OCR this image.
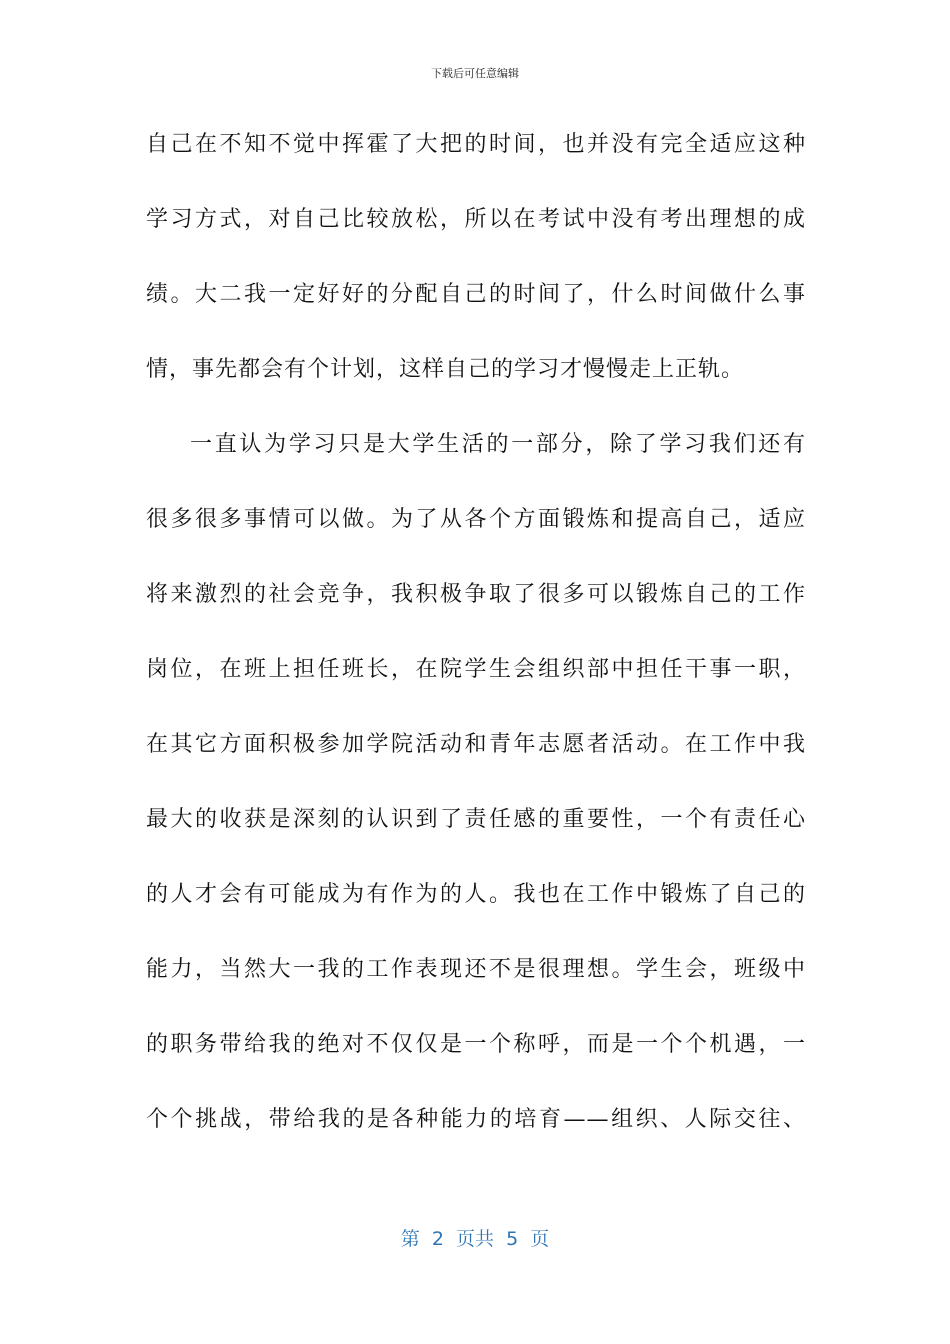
下载后可任意编辑
自己在不知不觉中挥霍了大把的时间，也并没有完全适应这种
学习方式，对自己比较放松，所以在考试中没有考出理想的成
绩。大二我一定好好的分配自己的时间了，什么时间做什么事
情，事先都会有个计划，这样自己的学习才慢慢走上正轨。
一直认为学习只是大学生活的一部分，除了学习我们还有
很多很多事情可以做。为了从各个方面锻炼和提高自己，适应
将来激烈的社会竞争，我积极争取了很多可以锻炼自己的工作
岗位，在班上担任班长，在院学生会组织部中担任干事一职，
在其它方面积极参加学院活动和青年志愿者活动。在工作中我
最大的收获是深刻的认识到了责任感的重要性，一个有责任心
的人才会有可能成为有作为的人。我也在工作中锻炼了自己的
能力，当然大一我的工作表现还不是很理想。学生会，班级中
的职务带给我的绝对不仅仅是一个称呼，而是一个个机遇，一
个个挑战，带给我的是各种能力的培育——组织、人际交往、
第  2  页共  5  页
